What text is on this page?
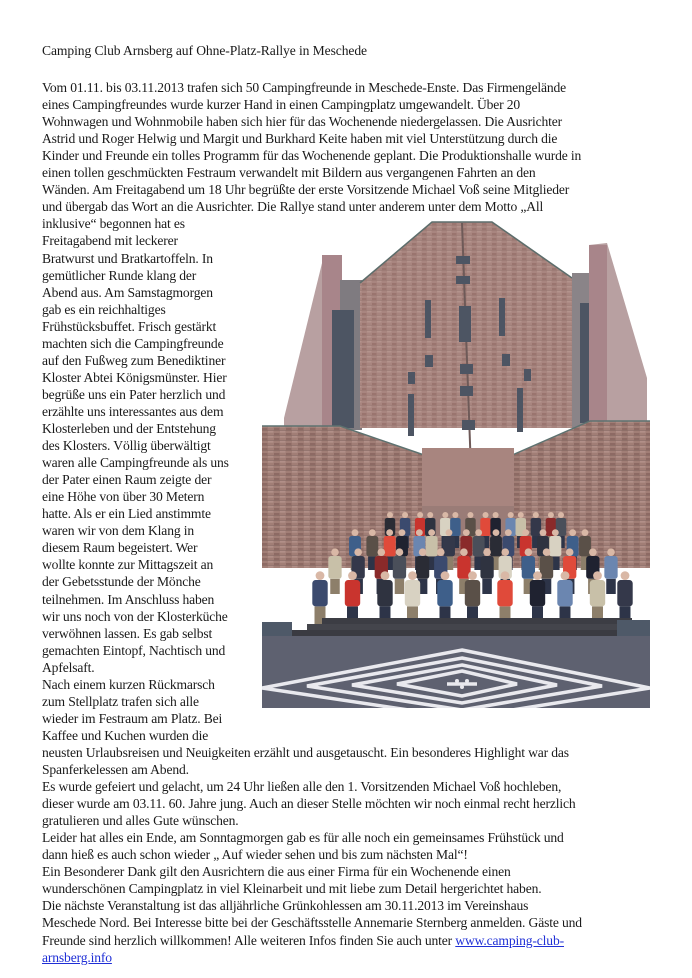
Camping Club Arnsberg auf Ohne-Platz-Rallye in Meschede
Vom 01.11. bis 03.11.2013 trafen sich 50 Campingfreunde in Meschede-Enste. Das Firmengelände
eines Campingfreundes wurde kurzer Hand in einen Campingplatz umgewandelt. Über 20
Wohnwagen und Wohnmobile haben sich hier für das Wochenende niedergelassen. Die Ausrichter
Astrid und Roger Helwig und Margit und Burkhard Keite haben mit viel Unterstützung durch die
Kinder und Freunde ein tolles Programm für das Wochenende geplant. Die Produktionshalle wurde in
einen tollen geschmückten Festraum verwandelt mit Bildern aus vergangenen Fahrten an den
Wänden. Am Freitagabend um 18 Uhr begrüßte der erste Vorsitzende Michael Voß seine Mitglieder
und übergab das Wort an die Ausrichter. Die Rallye stand unter anderem unter dem Motto „All
inklusive“ begonnen hat es
Freitagabend mit leckerer
Bratwurst und Bratkartoffeln. In
gemütlicher Runde klang der
Abend aus. Am Samstagmorgen
gab es ein reichhaltiges
Frühstücksbuffet. Frisch gestärkt
machten sich die Campingfreunde
auf den Fußweg zum Benediktiner
Kloster Abtei Königsmünster. Hier
begrüße uns ein Pater herzlich und
erzählte uns interessantes aus dem
Klosterleben und der Entstehung
des Klosters. Völlig überwältigt
waren alle Campingfreunde als uns
der Pater einen Raum zeigte der
eine Höhe von über 30 Metern
hatte. Als er ein Lied anstimmte
waren wir von dem Klang in
diesem Raum begeistert. Wer
wollte konnte zur Mittagszeit an
der Gebetsstunde der Mönche
teilnehmen. Im Anschluss haben
wir uns noch von der Klosterküche
verwöhnen lassen. Es gab selbst
gemachten Eintopf, Nachtisch und
Apfelsaft.
Nach einem kurzen Rückmarsch
zum Stellplatz trafen sich alle
wieder im Festraum am Platz. Bei
Kaffee und Kuchen wurden die
neusten Urlaubsreisen und Neuigkeiten erzählt und ausgetauscht. Ein besonderes Highlight war das
Spanferkelessen am Abend.
Es wurde gefeiert und gelacht, um 24 Uhr ließen alle den 1. Vorsitzenden Michael Voß hochleben,
dieser wurde am 03.11. 60. Jahre jung. Auch an dieser Stelle möchten wir noch einmal recht herzlich
gratulieren und alles Gute wünschen.
Leider hat alles ein Ende, am Sonntagmorgen gab es für alle noch ein gemeinsames Frühstück und
dann hieß es auch schon wieder „ Auf wieder sehen und bis zum nächsten Mal“!
Ein Besonderer Dank gilt den Ausrichtern die aus einer Firma für ein Wochenende einen
wunderschönen Campingplatz in viel Kleinarbeit und mit liebe zum Detail hergerichtet haben.
Die nächste Veranstaltung ist das alljährliche Grünkohlessen am 30.11.2013 im Vereinshaus
Meschede Nord. Bei Interesse bitte bei der Geschäftsstelle Annemarie Sternberg anmelden. Gäste und
Freunde sind herzlich willkommen! Alle weiteren Infos finden Sie auch unter www.camping-club-
arnsberg.info
